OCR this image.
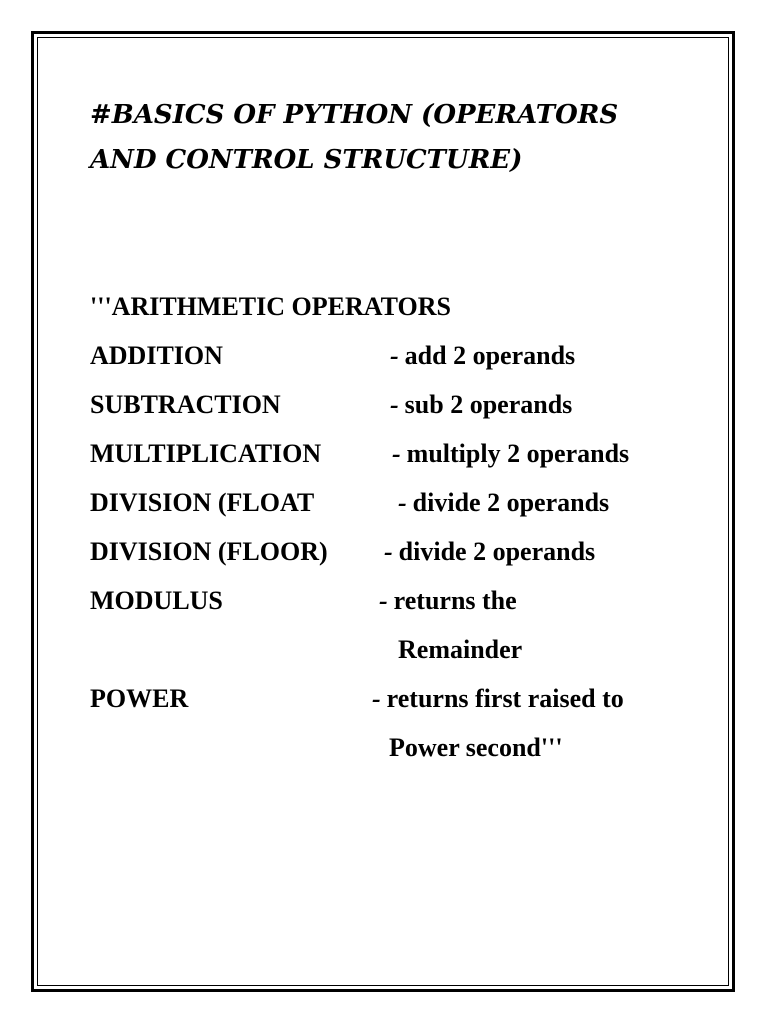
#BASICS OF PYTHON (OPERATORS
AND CONTROL STRUCTURE)
'''ARITHMETIC OPERATORS
ADDITION	- add 2 operands
SUBTRACTION	- sub 2 operands
MULTIPLICATION	- multiply 2 operands
DIVISION (FLOAT	- divide 2 operands
DIVISION (FLOOR) - divide 2 operands
MODULUS	- returns the
Remainder
POWER	- returns first raised to
Power second'''
